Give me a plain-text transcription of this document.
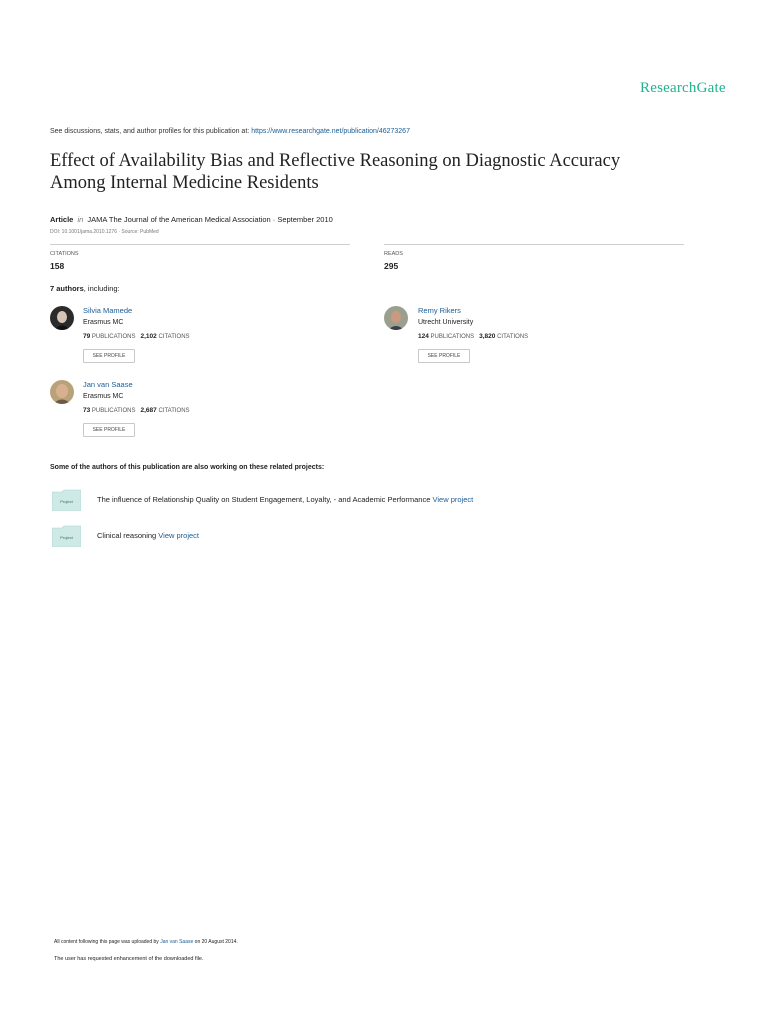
ResearchGate
See discussions, stats, and author profiles for this publication at: https://www.researchgate.net/publication/46273267
Effect of Availability Bias and Reflective Reasoning on Diagnostic Accuracy
Among Internal Medicine Residents
Article in JAMA The Journal of the American Medical Association · September 2010
DOI: 10.1001/jama.2010.1276 · Source: PubMed
CITATIONS
158
READS
295
7 authors, including:
Silvia Mamede
Erasmus MC
79 PUBLICATIONS 2,102 CITATIONS
SEE PROFILE
Remy Rikers
Utrecht University
124 PUBLICATIONS 3,820 CITATIONS
SEE PROFILE
Jan van Saase
Erasmus MC
73 PUBLICATIONS 2,687 CITATIONS
SEE PROFILE
Some of the authors of this publication are also working on these related projects:
Project	The influence of Relationship Quality on Student Engagement, Loyalty, - and Academic Performance View project
Project	Clinical reasoning View project
All content following this page was uploaded by Jan van Saase on 20 August 2014.
The user has requested enhancement of the downloaded file.
